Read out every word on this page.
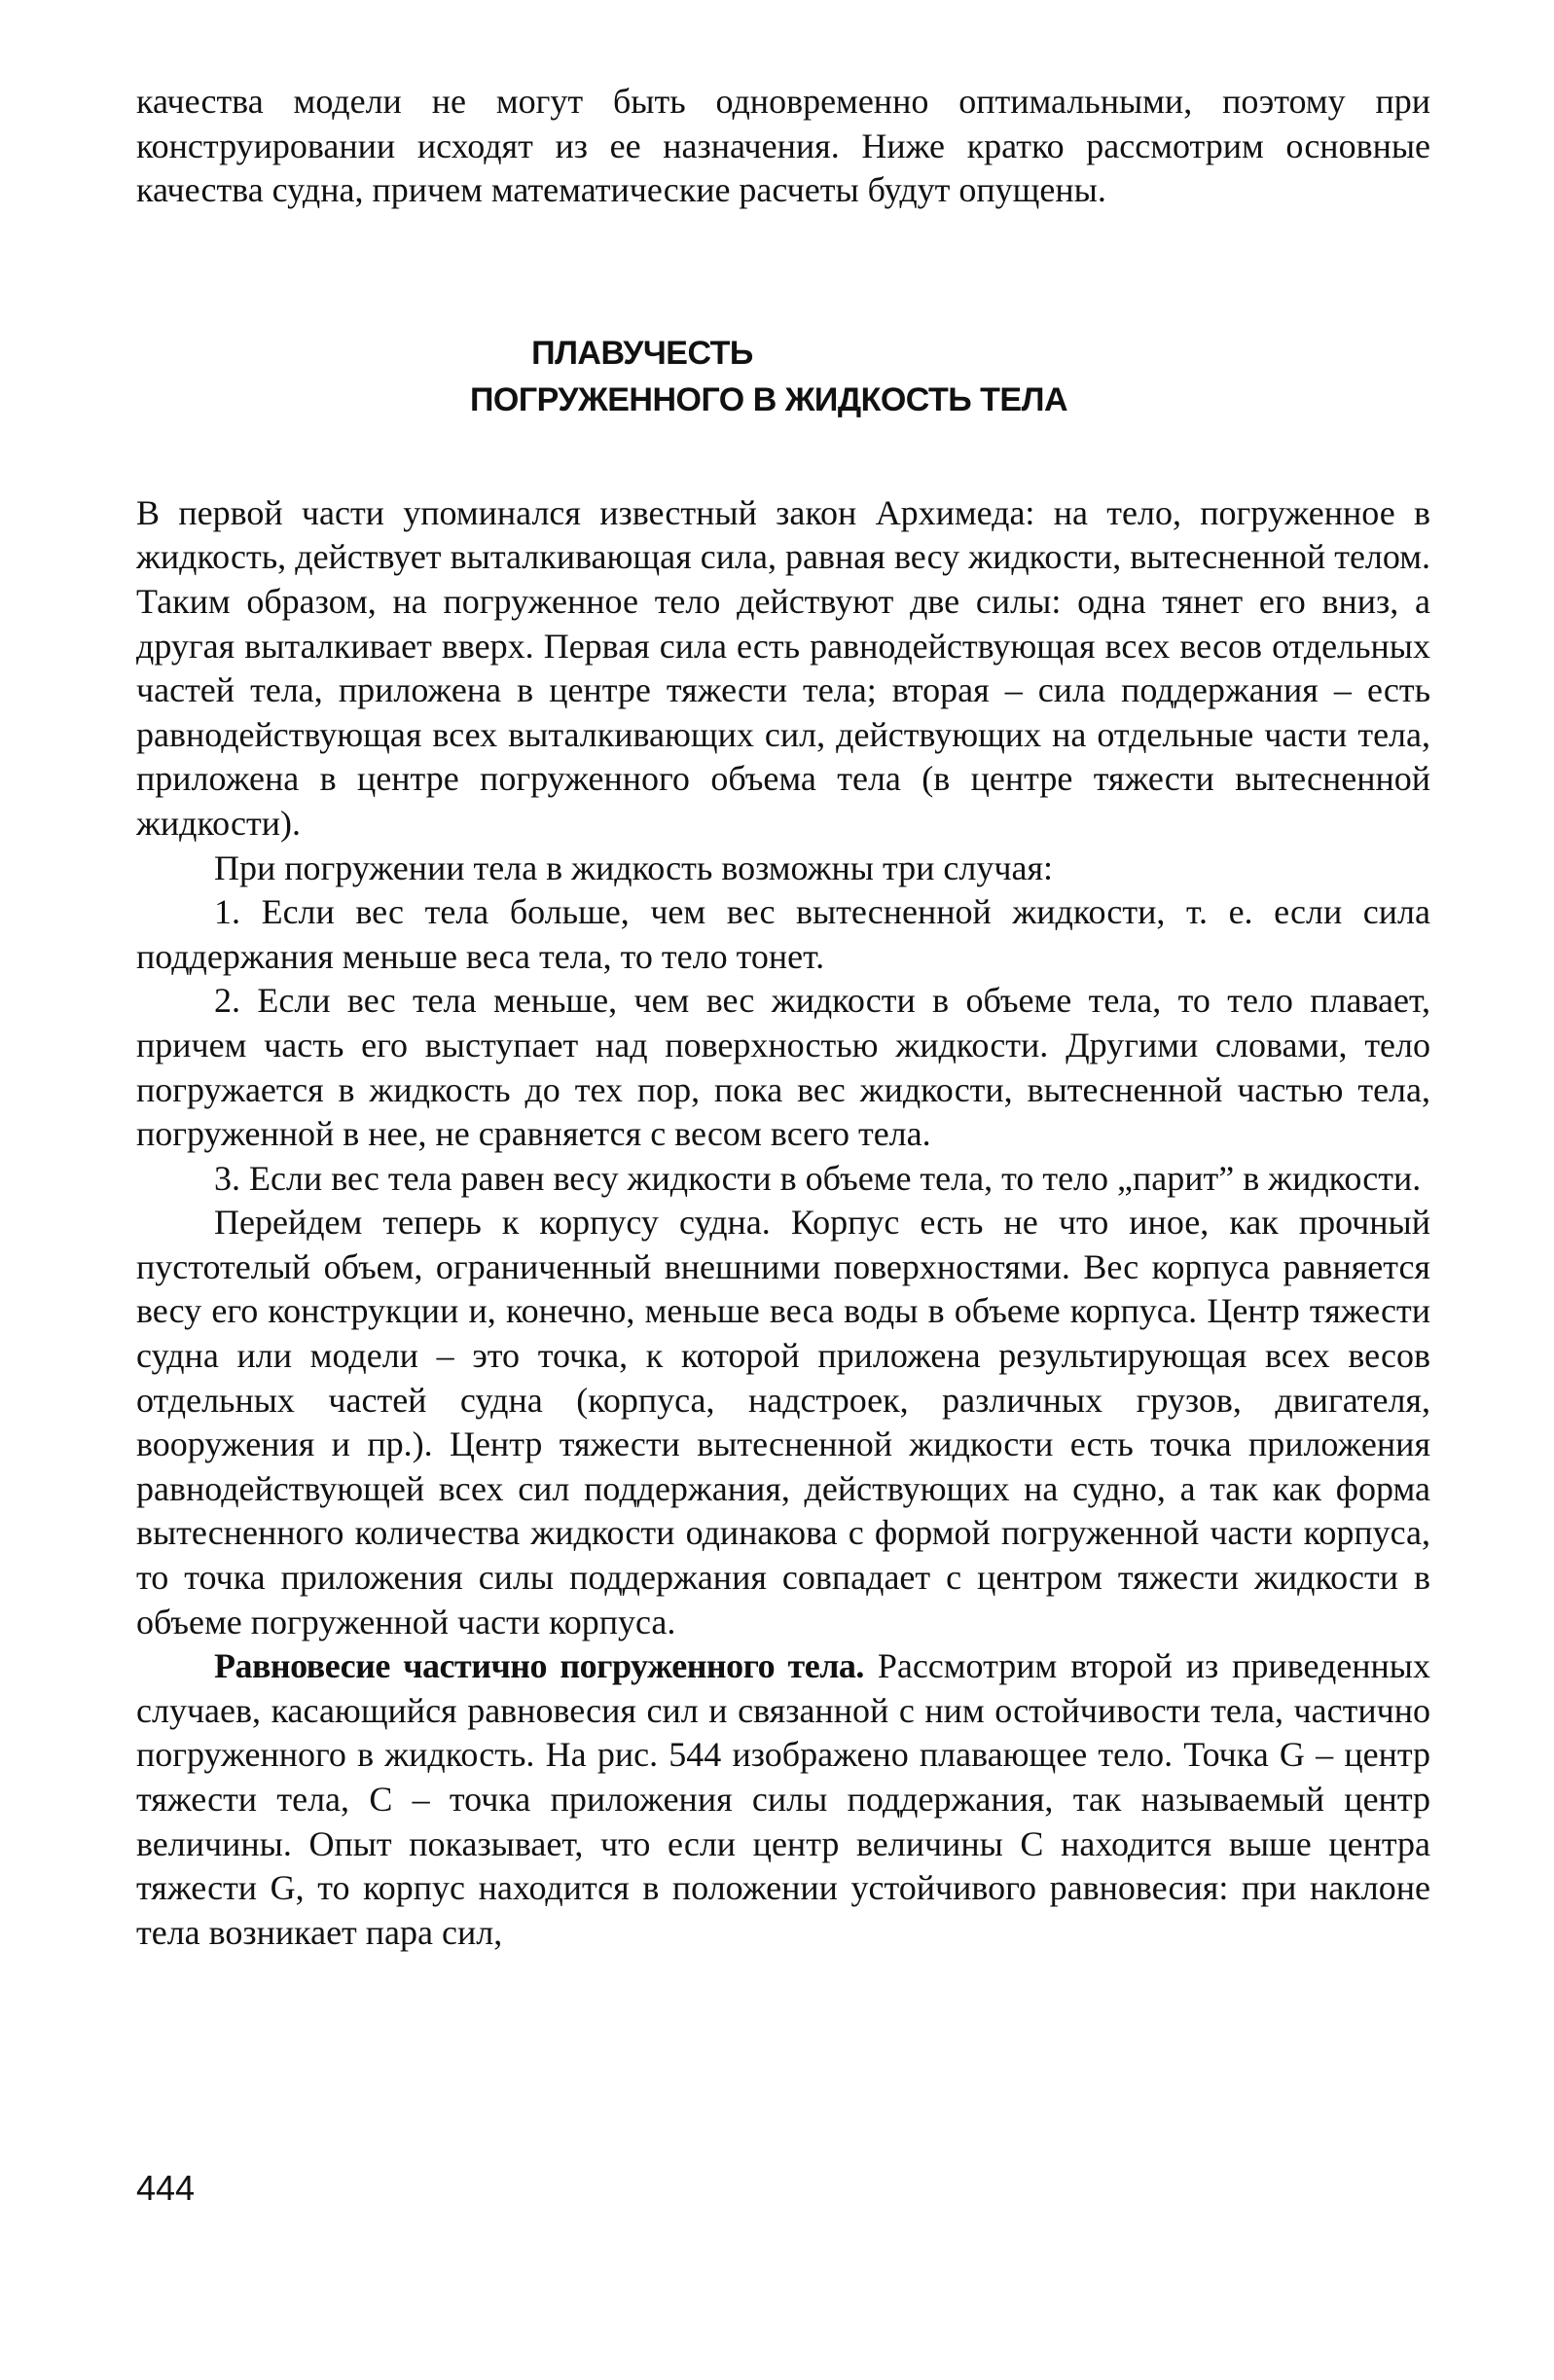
качества модели не могут быть одновременно оптимальными, поэтому при конструировании исходят из ее назначения. Ниже кратко рассмотрим основные качества судна, причем математические расчеты будут опущены.

ПЛАВУЧЕСТЬ
ПОГРУЖЕННОГО В ЖИДКОСТЬ ТЕЛА

В первой части упоминался известный закон Архимеда: на тело, погруженное в жидкость, действует выталкивающая сила, равная весу жидкости, вытесненной телом. Таким образом, на погруженное тело действуют две силы: одна тянет его вниз, а другая выталкивает вверх. Первая сила есть равнодействующая всех весов отдельных частей тела, приложена в центре тяжести тела; вторая – сила поддержания – есть равнодействующая всех выталкивающих сил, действующих на отдельные части тела, приложена в центре погруженного объема тела (в центре тяжести вытесненной жидкости).

При погружении тела в жидкость возможны три случая:

1. Если вес тела больше, чем вес вытесненной жидкости, т. е. если сила поддержания меньше веса тела, то тело тонет.

2. Если вес тела меньше, чем вес жидкости в объеме тела, то тело плавает, причем часть его выступает над поверхностью жидкости. Другими словами, тело погружается в жидкость до тех пор, пока вес жидкости, вытесненной частью тела, погруженной в нее, не сравняется с весом всего тела.

3. Если вес тела равен весу жидкости в объеме тела, то тело „парит” в жидкости.

Перейдем теперь к корпусу судна. Корпус есть не что иное, как прочный пустотелый объем, ограниченный внешними поверхностями. Вес корпуса равняется весу его конструкции и, конечно, меньше веса воды в объеме корпуса. Центр тяжести судна или модели – это точка, к которой приложена результирующая всех весов отдельных частей судна (корпуса, надстроек, различных грузов, двигателя, вооружения и пр.). Центр тяжести вытесненной жидкости есть точка приложения равнодействующей всех сил поддержания, действующих на судно, а так как форма вытесненного количества жидкости одинакова с формой погруженной части корпуса, то точка приложения силы поддержания совпадает с центром тяжести жидкости в объеме погруженной части корпуса.

Равновесие частично погруженного тела. Рассмотрим второй из приведенных случаев, касающийся равновесия сил и связанной с ним остойчивости тела, частично погруженного в жидкость. На рис. 544 изображено плавающее тело. Точка G – центр тяжести тела, C – точка приложения силы поддержания, так называемый центр величины. Опыт показывает, что если центр величины C находится выше центра тяжести G, то корпус находится в положении устойчивого равновесия: при наклоне тела возникает пара сил,

444
